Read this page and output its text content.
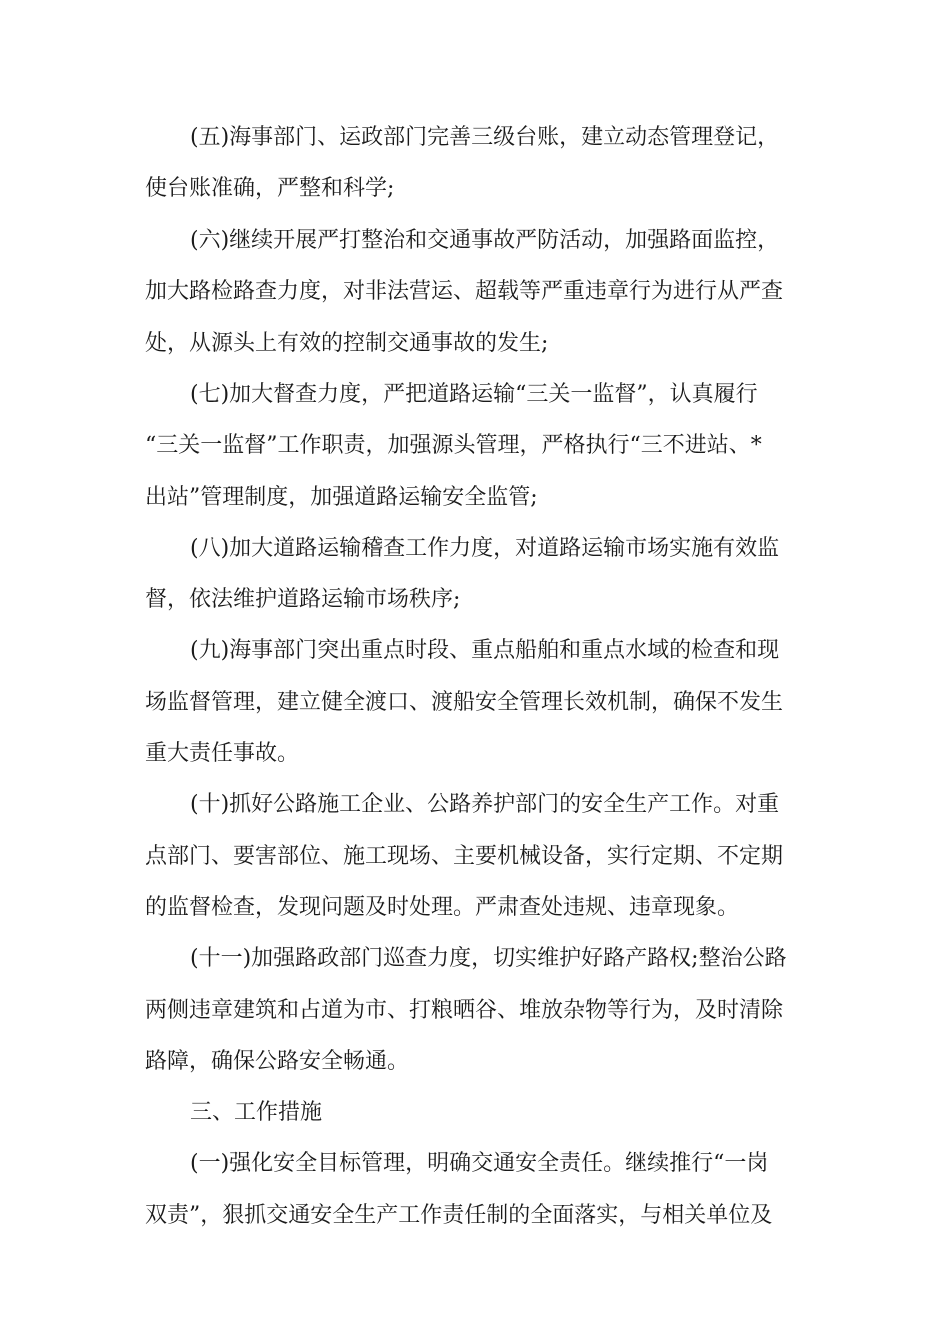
(五)海事部门、运政部门完善三级台账，建立动态管理登记，
使台账准确，严整和科学;
(六)继续开展严打整治和交通事故严防活动，加强路面监控，
加大路检路查力度，对非法营运、超载等严重违章行为进行从严查
处，从源头上有效的控制交通事故的发生;
(七)加大督查力度，严把道路运输“三关一监督”，认真履行
“三关一监督”工作职责，加强源头管理，严格执行“三不进站、*
出站”管理制度，加强道路运输安全监管;
(八)加大道路运输稽查工作力度，对道路运输市场实施有效监
督，依法维护道路运输市场秩序;
(九)海事部门突出重点时段、重点船舶和重点水域的检查和现
场监督管理，建立健全渡口、渡船安全管理长效机制，确保不发生
重大责任事故。
(十)抓好公路施工企业、公路养护部门的安全生产工作。对重
点部门、要害部位、施工现场、主要机械设备，实行定期、不定期
的监督检查，发现问题及时处理。严肃查处违规、违章现象。
(十一)加强路政部门巡查力度，切实维护好路产路权;整治公路
两侧违章建筑和占道为市、打粮晒谷、堆放杂物等行为，及时清除
路障，确保公路安全畅通。
三、工作措施
(一)强化安全目标管理，明确交通安全责任。继续推行“一岗
双责”，狠抓交通安全生产工作责任制的全面落实，与相关单位及
